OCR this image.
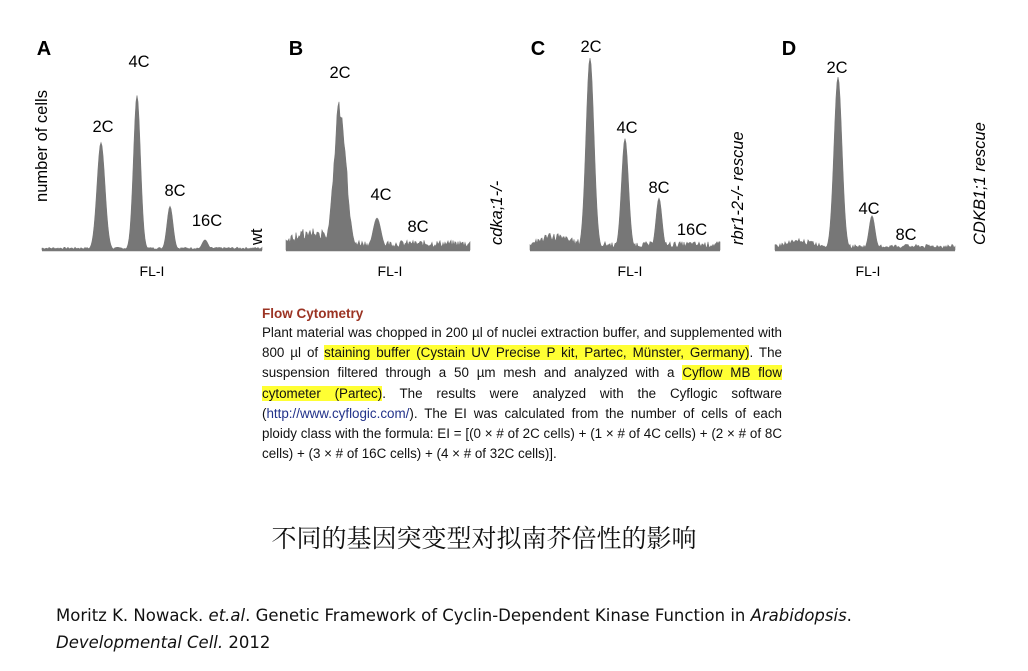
A
2C
4C
8C
16C
FL-I
number of cells
wt
B
2C
4C
8C
FL-I
cdka;1-/-
C 2C
4C
8C
16C
FL-I
rbr1-2-/- rescue
D
2C
4C
8C
FL-I
CDKB1;1 rescue
Flow Cytometry
Plant material was chopped in 200 µl of nuclei extraction buffer, and supplemented with 800 µl of staining buffer (Cystain UV Precise P kit, Partec, Münster, Germany). The suspension filtered through a 50 µm mesh and analyzed with a Cyflow MB flow cytometer (Partec). The results were analyzed with the Cyflogic software (http://www.cyflogic.com/). The EI was calculated from the number of cells of each ploidy class with the formula: EI = [(0 × # of 2C cells) + (1 × # of 4C cells) + (2 × # of 8C cells) + (3 × # of 16C cells) + (4 × # of 32C cells)].
不同的基因突变型对拟南芥倍性的影响
Moritz K. Nowack. et.al. Genetic Framework of Cyclin-Dependent Kinase Function in Arabidopsis.
Developmental Cell. 2012
